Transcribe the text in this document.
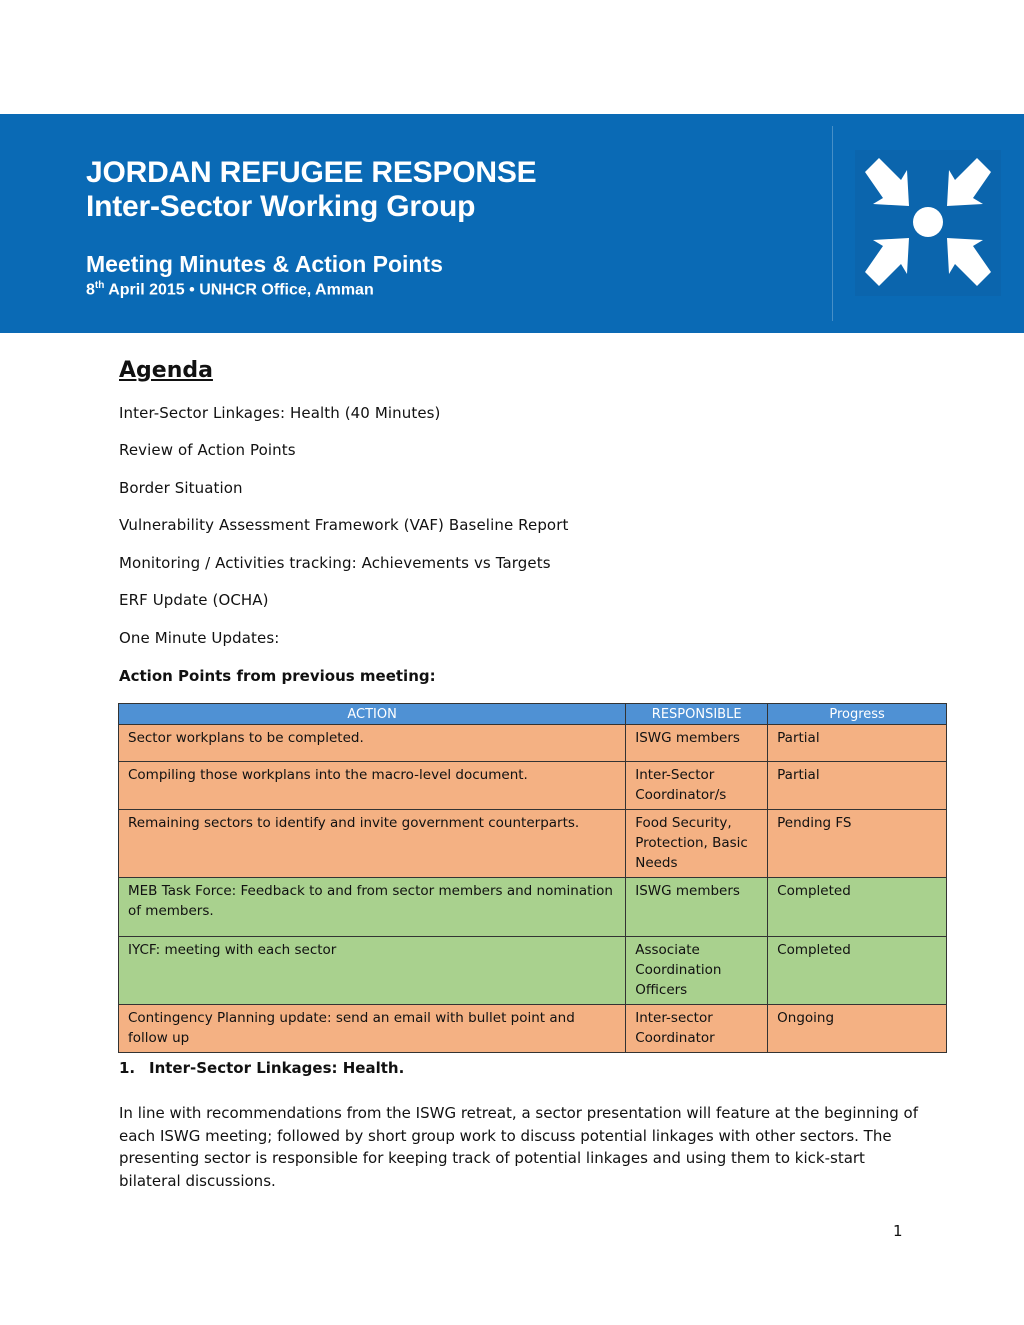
JORDAN REFUGEE RESPONSE
Inter-Sector Working Group
Meeting Minutes & Action Points
8th April 2015 • UNHCR Office, Amman
Agenda
Inter-Sector Linkages: Health (40 Minutes)
Review of Action Points
Border Situation
Vulnerability Assessment Framework (VAF) Baseline Report
Monitoring / Activities tracking: Achievements vs Targets
ERF Update (OCHA)
One Minute Updates:
Action Points from previous meeting:
ACTION	RESPONSIBLE	Progress
Sector workplans to be completed.	ISWG members	Partial
Compiling those workplans into the macro-level document.	Inter-Sector Coordinator/s	Partial
Remaining sectors to identify and invite government counterparts.	Food Security, Protection, Basic Needs	Pending FS
MEB Task Force: Feedback to and from sector members and nomination of members.	ISWG members	Completed
IYCF: meeting with each sector	Associate Coordination Officers	Completed
Contingency Planning update: send an email with bullet point and follow up	Inter-sector Coordinator	Ongoing
1. Inter-Sector Linkages: Health.
In line with recommendations from the ISWG retreat, a sector presentation will feature at the beginning of each ISWG meeting; followed by short group work to discuss potential linkages with other sectors. The presenting sector is responsible for keeping track of potential linkages and using them to kick-start bilateral discussions.
1
